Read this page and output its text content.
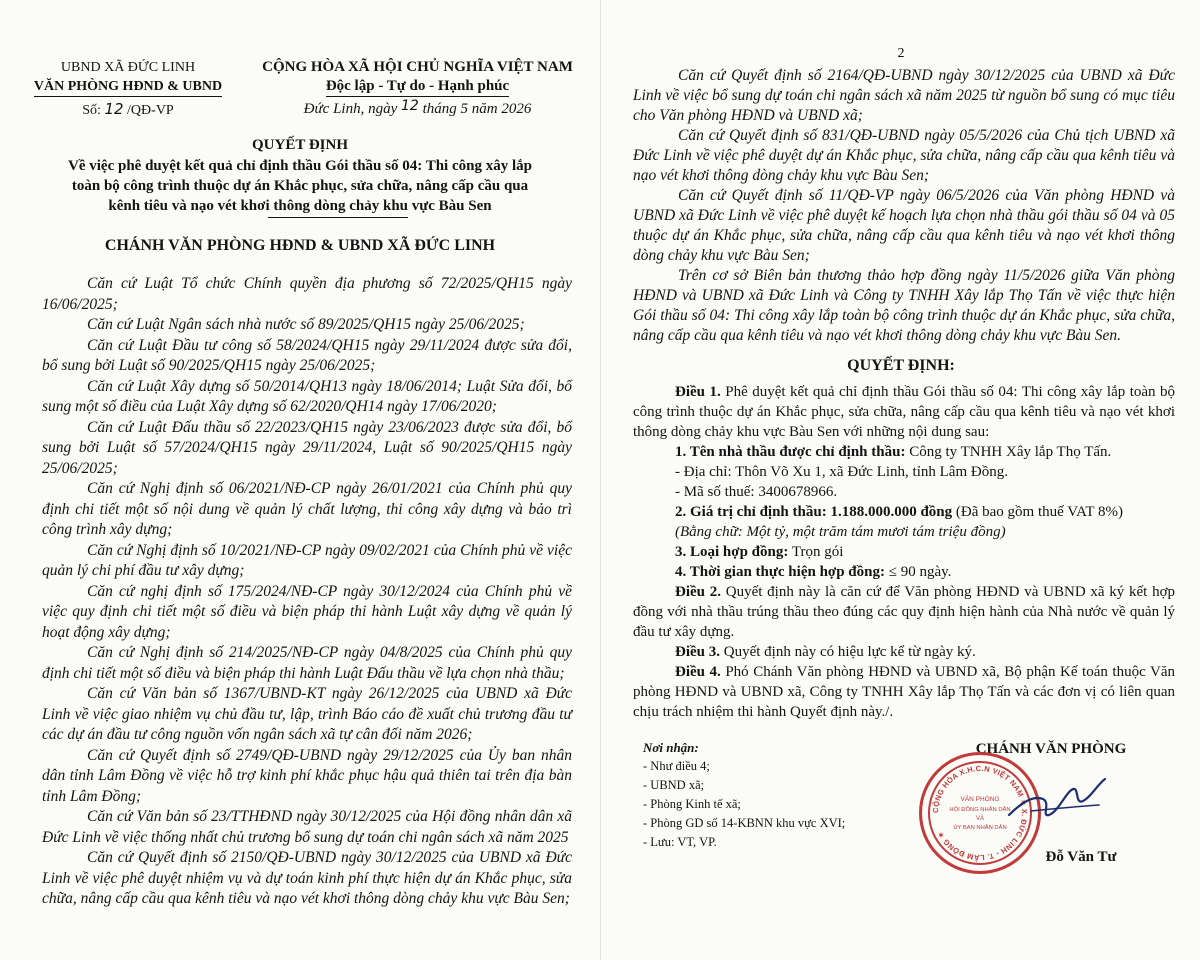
UBND XÃ ĐỨC LINH
VĂN PHÒNG HĐND & UBND
Số: 12 /QĐ-VP
CỘNG HÒA XÃ HỘI CHỦ NGHĨA VIỆT NAM
Độc lập - Tự do - Hạnh phúc
Đức Linh, ngày 12 tháng 5 năm 2026
QUYẾT ĐỊNH
Về việc phê duyệt kết quả chỉ định thầu Gói thầu số 04: Thi công xây lắp
toàn bộ công trình thuộc dự án Khắc phục, sửa chữa, nâng cấp cầu qua
kênh tiêu và nạo vét khơi thông dòng chảy khu vực Bàu Sen
CHÁNH VĂN PHÒNG HĐND & UBND XÃ ĐỨC LINH

Căn cứ Luật Tổ chức Chính quyền địa phương số 72/2025/QH15 ngày 16/06/2025;

Căn cứ Luật Ngân sách nhà nước số 89/2025/QH15 ngày 25/06/2025;

Căn cứ Luật Đầu tư công số 58/2024/QH15 ngày 29/11/2024 được sửa đổi, bổ sung bởi Luật số 90/2025/QH15 ngày 25/06/2025;

Căn cứ Luật Xây dựng số 50/2014/QH13 ngày 18/06/2014; Luật Sửa đổi, bổ sung một số điều của Luật Xây dựng số 62/2020/QH14 ngày 17/06/2020;

Căn cứ Luật Đấu thầu số 22/2023/QH15 ngày 23/06/2023 được sửa đổi, bổ sung bởi Luật số 57/2024/QH15 ngày 29/11/2024, Luật số 90/2025/QH15 ngày 25/06/2025;

Căn cứ Nghị định số 06/2021/NĐ-CP ngày 26/01/2021 của Chính phủ quy định chi tiết một số nội dung về quản lý chất lượng, thi công xây dựng và bảo trì công trình xây dựng;

Căn cứ Nghị định số 10/2021/NĐ-CP ngày 09/02/2021 của Chính phủ về việc quản lý chi phí đầu tư xây dựng;

Căn cứ nghị định số 175/2024/NĐ-CP ngày 30/12/2024 của Chính phủ về việc quy định chi tiết một số điều và biện pháp thi hành Luật xây dựng về quản lý hoạt động xây dựng;

Căn cứ Nghị định số 214/2025/NĐ-CP ngày 04/8/2025 của Chính phủ quy định chi tiết một số điều và biện pháp thi hành Luật Đấu thầu về lựa chọn nhà thầu;

Căn cứ Văn bản số 1367/UBND-KT ngày 26/12/2025 của UBND xã Đức Linh về việc giao nhiệm vụ chủ đầu tư, lập, trình Báo cáo đề xuất chủ trương đầu tư các dự án đầu tư công nguồn vốn ngân sách xã tự cân đối năm 2026;

Căn cứ Quyết định số 2749/QĐ-UBND ngày 29/12/2025 của Ủy ban nhân dân tỉnh Lâm Đồng về việc hỗ trợ kinh phí khắc phục hậu quả thiên tai trên địa bàn tỉnh Lâm Đồng;

Căn cứ Văn bản số 23/TTHĐND ngày 30/12/2025 của Hội đồng nhân dân xã Đức Linh về việc thống nhất chủ trương bổ sung dự toán chi ngân sách xã năm 2025

Căn cứ Quyết định số 2150/QĐ-UBND ngày 30/12/2025 của UBND xã Đức Linh về việc phê duyệt nhiệm vụ và dự toán kinh phí thực hiện dự án Khắc phục, sửa chữa, nâng cấp cầu qua kênh tiêu và nạo vét khơi thông dòng chảy khu vực Bàu Sen;

2

Căn cứ Quyết định số 2164/QĐ-UBND ngày 30/12/2025 của UBND xã Đức Linh về việc bổ sung dự toán chi ngân sách xã năm 2025 từ nguồn bổ sung có mục tiêu cho Văn phòng HĐND và UBND xã;

Căn cứ Quyết định số 831/QĐ-UBND ngày 05/5/2026 của Chủ tịch UBND xã Đức Linh về việc phê duyệt dự án Khắc phục, sửa chữa, nâng cấp cầu qua kênh tiêu và nạo vét khơi thông dòng chảy khu vực Bàu Sen;

Căn cứ Quyết định số 11/QĐ-VP ngày 06/5/2026 của Văn phòng HĐND và UBND xã Đức Linh về việc phê duyệt kế hoạch lựa chọn nhà thầu gói thầu số 04 và 05 thuộc dự án Khắc phục, sửa chữa, nâng cấp cầu qua kênh tiêu và nạo vét khơi thông dòng chảy khu vực Bàu Sen;

Trên cơ sở Biên bản thương thảo hợp đồng ngày 11/5/2026 giữa Văn phòng HĐND và UBND xã Đức Linh và Công ty TNHH Xây lắp Thọ Tấn về việc thực hiện Gói thầu số 04: Thi công xây lắp toàn bộ công trình thuộc dự án Khắc phục, sửa chữa, nâng cấp cầu qua kênh tiêu và nạo vét khơi thông dòng chảy khu vực Bàu Sen.

QUYẾT ĐỊNH:

Điều 1. Phê duyệt kết quả chỉ định thầu Gói thầu số 04: Thi công xây lắp toàn bộ công trình thuộc dự án Khắc phục, sửa chữa, nâng cấp cầu qua kênh tiêu và nạo vét khơi thông dòng chảy khu vực Bàu Sen với những nội dung sau:

1. Tên nhà thầu được chỉ định thầu: Công ty TNHH Xây lắp Thọ Tấn.

- Địa chỉ: Thôn Võ Xu 1, xã Đức Linh, tỉnh Lâm Đồng.

- Mã số thuế: 3400678966.

2. Giá trị chỉ định thầu: 1.188.000.000 đồng (Đã bao gồm thuế VAT 8%)

(Bằng chữ: Một tỷ, một trăm tám mươi tám triệu đồng)

3. Loại hợp đồng: Trọn gói

4. Thời gian thực hiện hợp đồng: ≤ 90 ngày.

Điều 2. Quyết định này là căn cứ để Văn phòng HĐND và UBND xã ký kết hợp đồng với nhà thầu trúng thầu theo đúng các quy định hiện hành của Nhà nước về quản lý đầu tư xây dựng.

Điều 3. Quyết định này có hiệu lực kể từ ngày ký.

Điều 4. Phó Chánh Văn phòng HĐND và UBND xã, Bộ phận Kế toán thuộc Văn phòng HĐND và UBND xã, Công ty TNHH Xây lắp Thọ Tấn và các đơn vị có liên quan chịu trách nhiệm thi hành Quyết định này./.

Nơi nhận:
- Như điều 4;
- UBND xã;
- Phòng Kinh tế xã;
- Phòng GD số 14-KBNN khu vực XVI;
- Lưu: VT, VP.
CHÁNH VĂN PHÒNG
CỘNG HÒA X.H.C.N VIỆT NAM ✶ X. ĐỨC LINH - T. LÂM ĐỒNG ✶
VĂN PHÒNG
HỘI ĐỒNG NHÂN DÂN
VÀ
ỦY BAN NHÂN DÂN
Đỗ Văn Tư
